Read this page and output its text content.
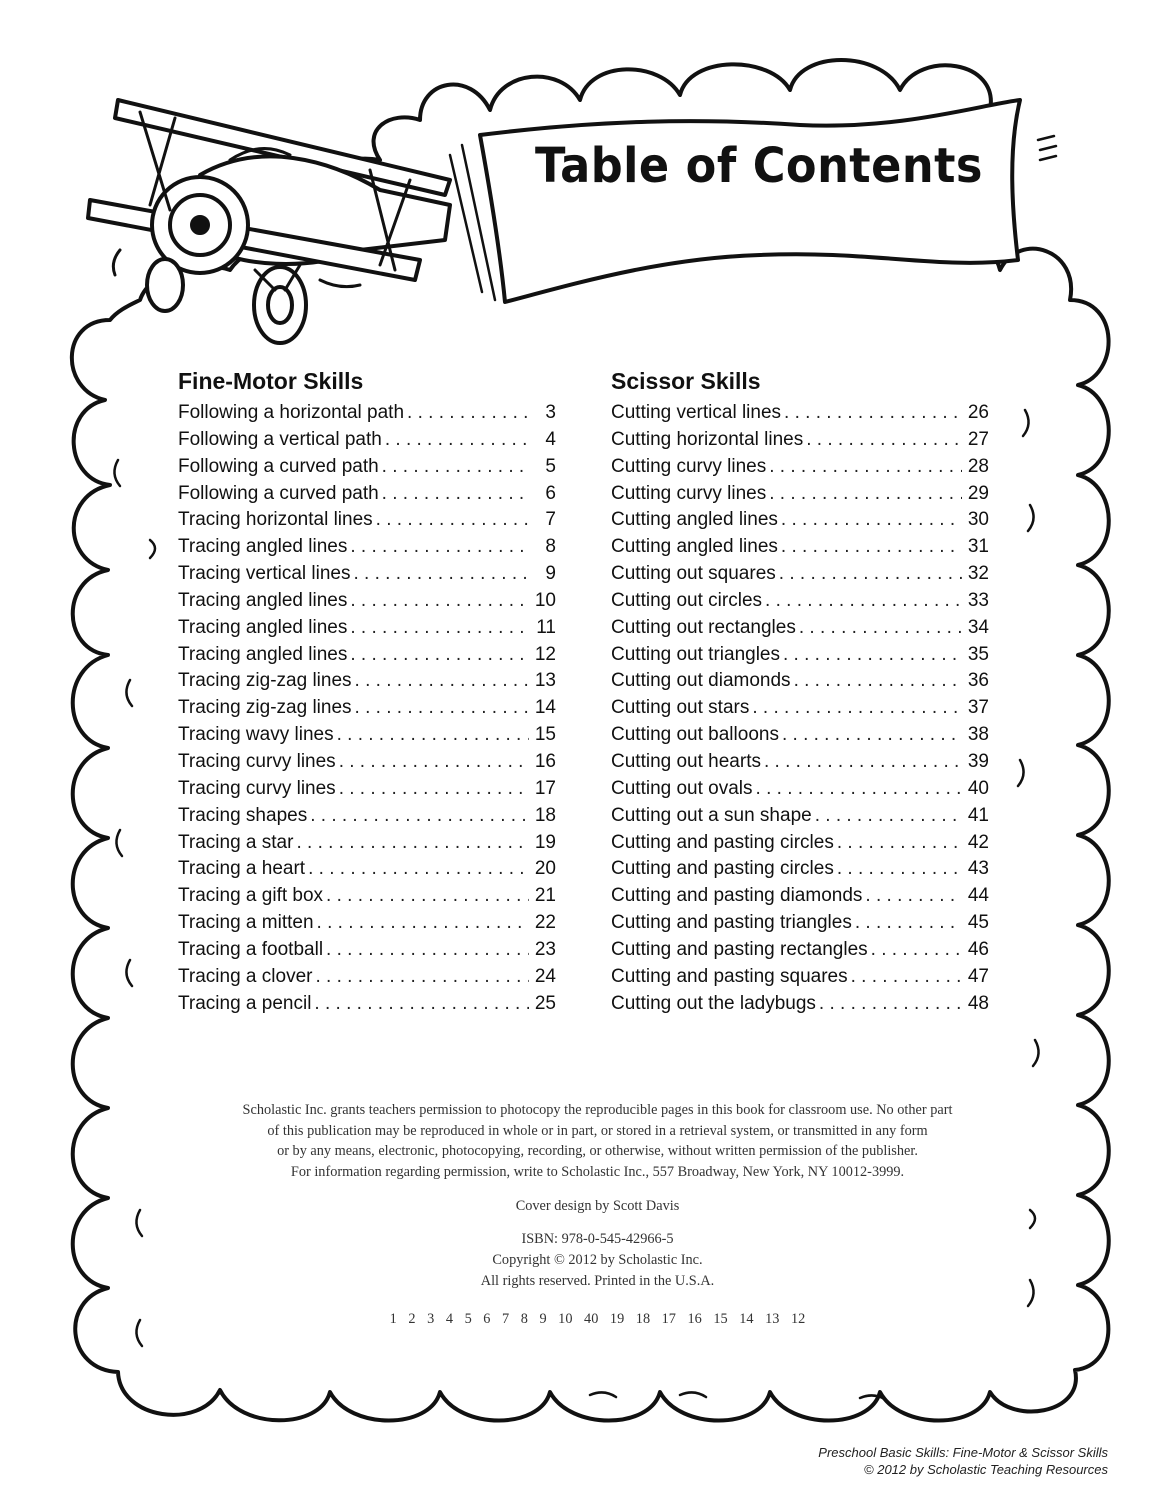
Table of Contents
Fine-Motor Skills
Following a horizontal path . . .	3
Following a vertical path . . .	4
Following a curved path . . .	5
Following a curved path . . .	6
Tracing horizontal lines . . .	7
Tracing angled lines . . .	8
Tracing vertical lines . . .	9
Tracing angled lines . . .	10
Tracing angled lines . . .	11
Tracing angled lines . . .	12
Tracing zig-zag lines . . .	13
Tracing zig-zag lines . . .	14
Tracing wavy lines . . .	15
Tracing curvy lines . . .	16
Tracing curvy lines . . .	17
Tracing shapes . . .	18
Tracing a star . . .	19
Tracing a heart . . .	20
Tracing a gift box . . .	21
Tracing a mitten . . .	22
Tracing a football . . .	23
Tracing a clover . . .	24
Tracing a pencil . . .	25
Scissor Skills
Cutting vertical lines . . .	26
Cutting horizontal lines . . .	27
Cutting curvy lines . . .	28
Cutting curvy lines . . .	29
Cutting angled lines . . .	30
Cutting angled lines . . .	31
Cutting out squares . . .	32
Cutting out circles . . .	33
Cutting out rectangles . . .	34
Cutting out triangles . . .	35
Cutting out diamonds . . .	36
Cutting out stars . . .	37
Cutting out balloons . . .	38
Cutting out hearts . . .	39
Cutting out ovals . . .	40
Cutting out a sun shape . . .	41
Cutting and pasting circles . . .	42
Cutting and pasting circles . . .	43
Cutting and pasting diamonds . . .	44
Cutting and pasting triangles . . .	45
Cutting and pasting rectangles . . .	46
Cutting and pasting squares . . .	47
Cutting out the ladybugs . . .	48

Scholastic Inc. grants teachers permission to photocopy the reproducible pages in this book for classroom use. No other part

of this publication may be reproduced in whole or in part, or stored in a retrieval system, or transmitted in any form

or by any means, electronic, photocopying, recording, or otherwise, without written permission of the publisher.

For information regarding permission, write to Scholastic Inc., 557 Broadway, New York, NY 10012-3999.

Cover design by Scott Davis

ISBN: 978-0-545-42966-5

Copyright © 2012 by Scholastic Inc.

All rights reserved. Printed in the U.S.A.

1 2 3 4 5 6 7 8 9 10 40 19 18 17 16 15 14 13 12

Preschool Basic Skills: Fine-Motor & Scissor Skills

© 2012 by Scholastic Teaching Resources
